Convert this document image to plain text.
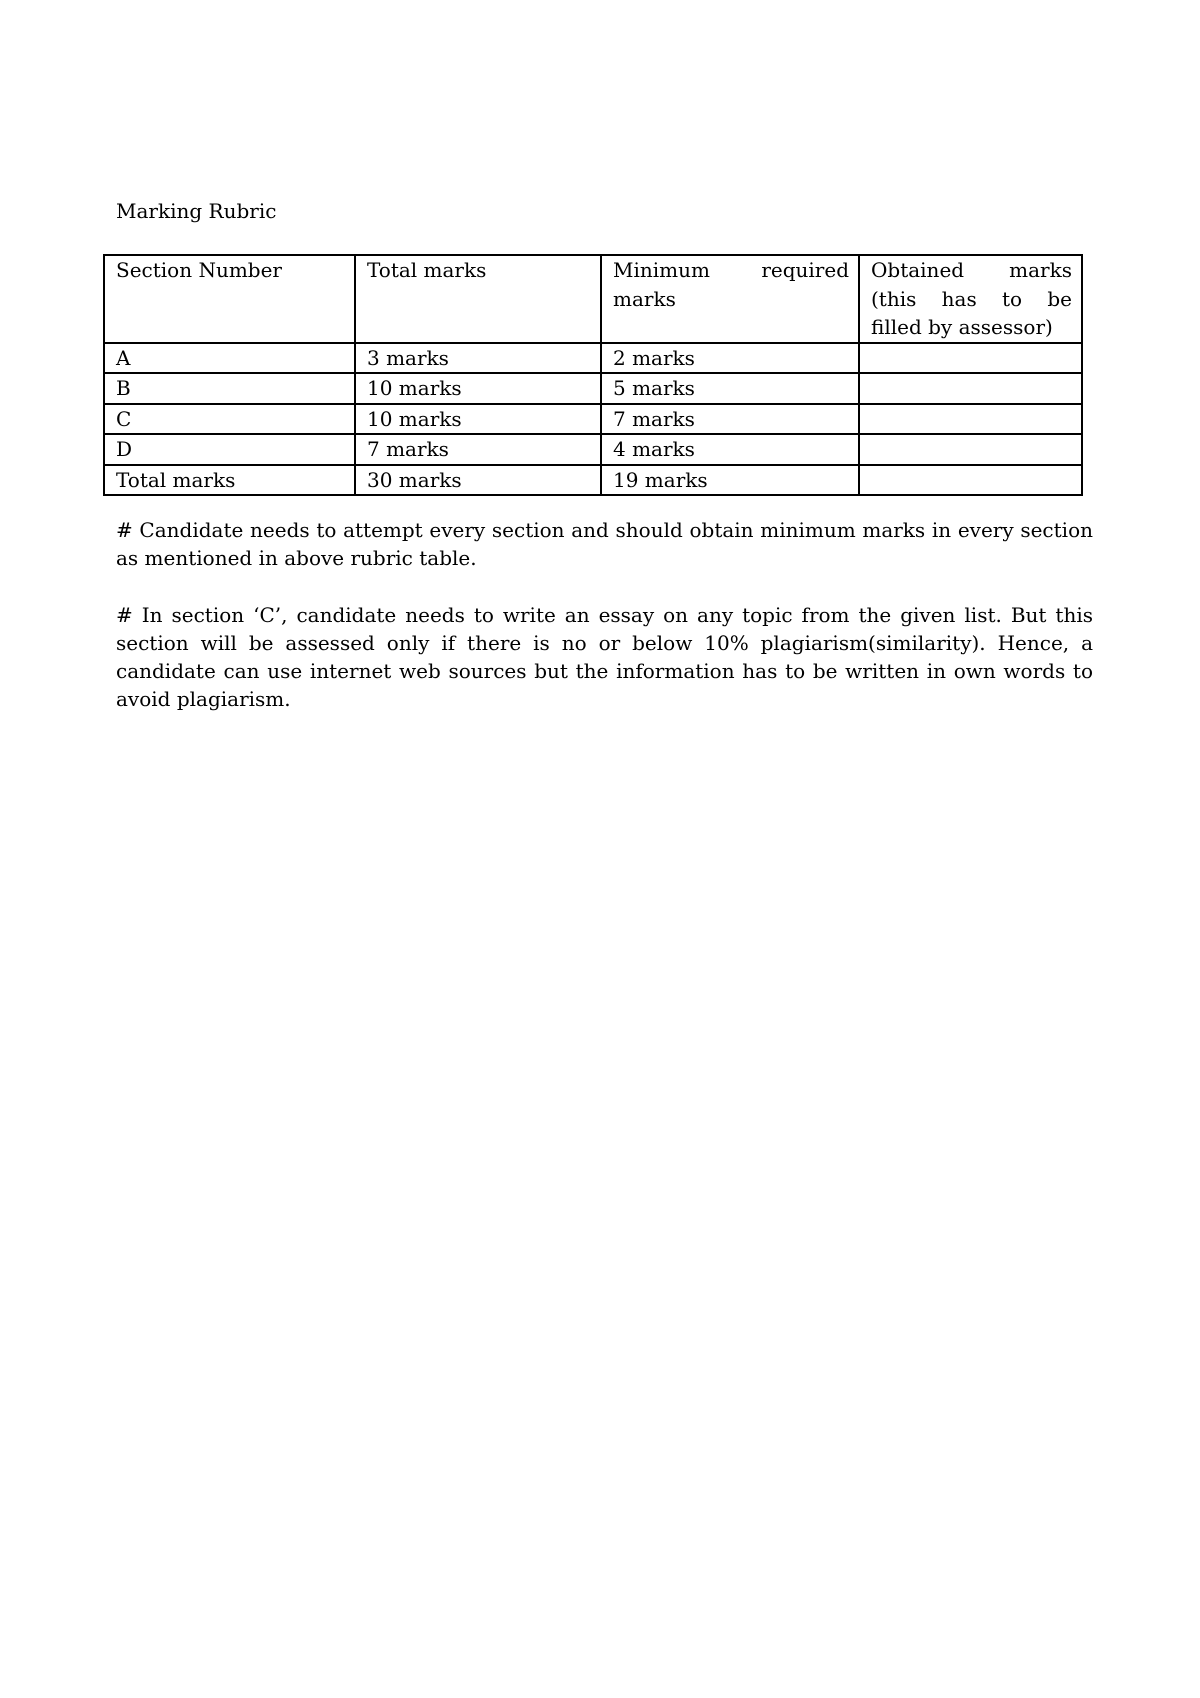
Marking Rubric
Section Number	Total marks	Minimum required marks	Obtained marks (this has to be filled by assessor)
A	3 marks	2 marks	
B	10 marks	5 marks	
C	10 marks	7 marks	
D	7 marks	4 marks	
Total marks	30 marks	19 marks	

# Candidate needs to attempt every section and should obtain minimum marks in every section as mentioned in above rubric table.

# In section ‘C’, candidate needs to write an essay on any topic from the given list. But this section will be assessed only if there is no or below 10% plagiarism(similarity). Hence, a candidate can use internet web sources but the information has to be written in own words to avoid plagiarism.
